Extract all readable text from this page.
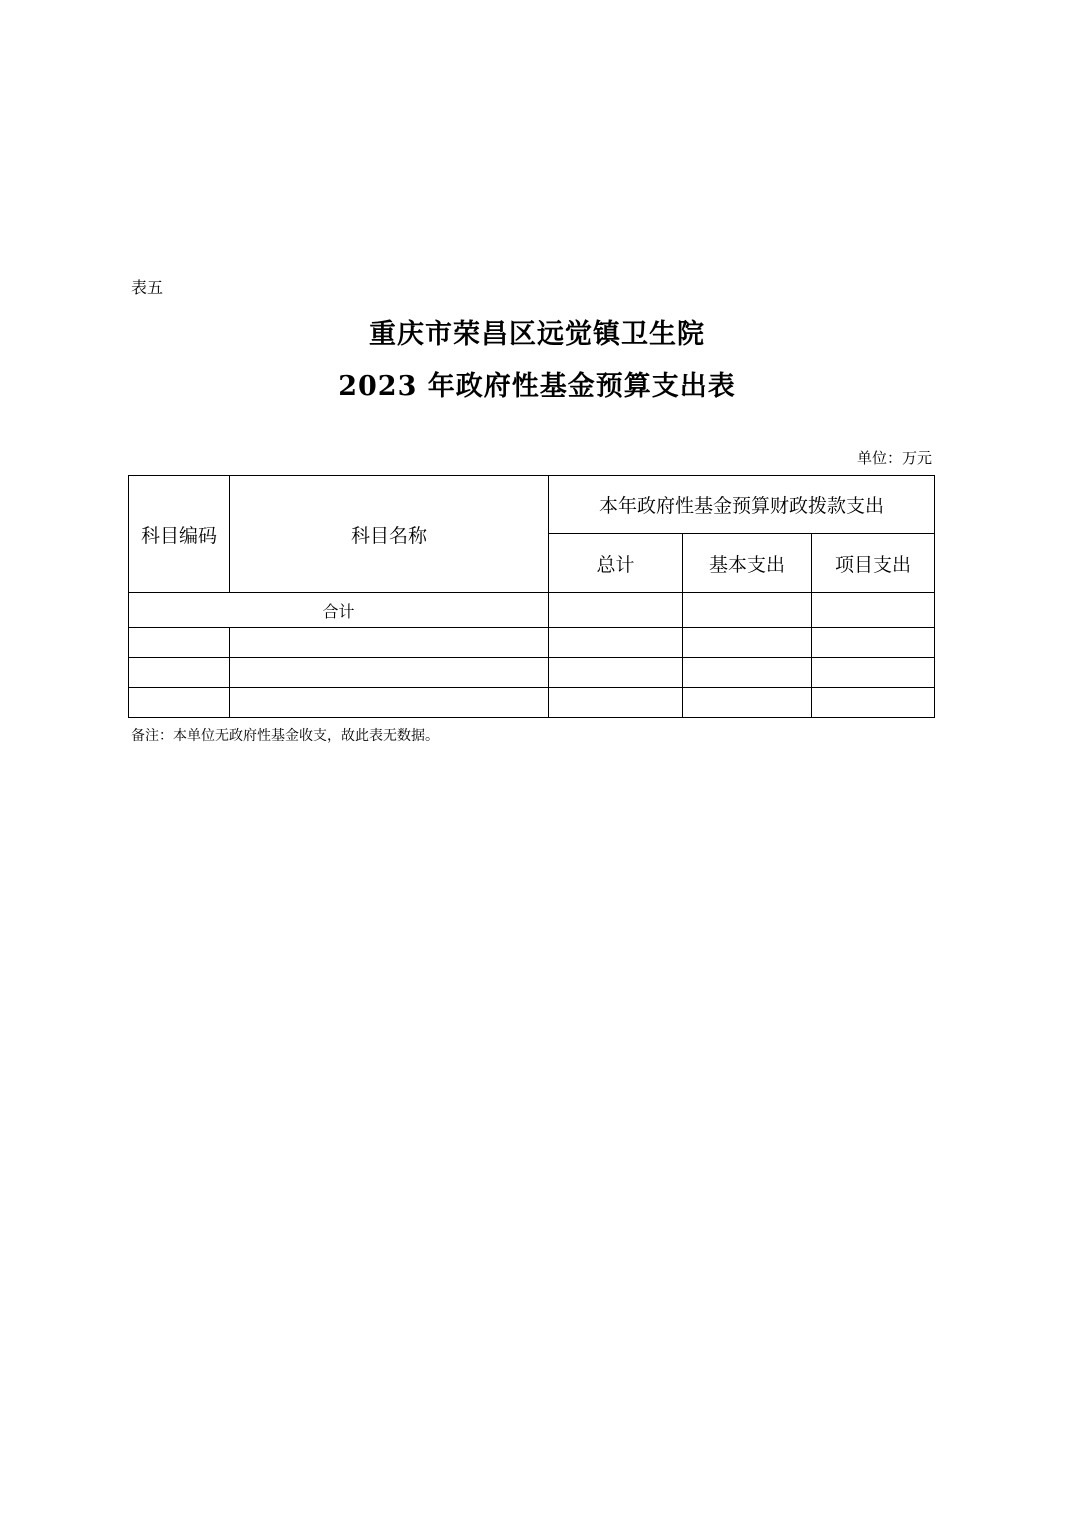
表五
重庆市荣昌区远觉镇卫生院
2023 年政府性基金预算支出表
单位：万元
科目编码	科目名称	本年政府性基金预算财政拨款支出		
		总计	基本支出	项目支出
合计				

备注：本单位无政府性基金收支，故此表无数据。
